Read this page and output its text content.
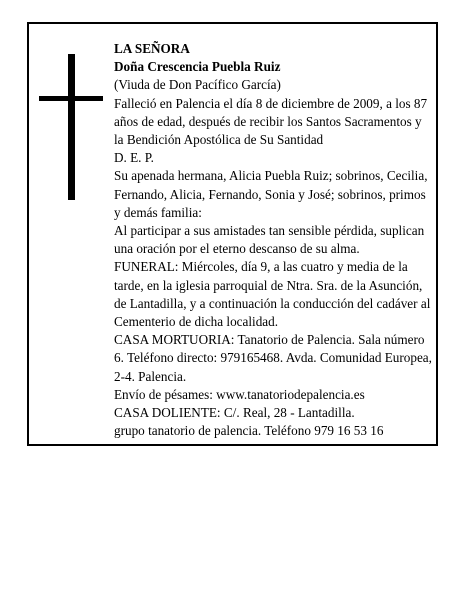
LA SEÑORA

Doña Crescencia Puebla Ruiz

(Viuda de Don Pacífico García)

Falleció en Palencia el día 8 de diciembre de 2009, a los 87 años de edad, después de recibir los Santos Sacramentos y la Bendición Apostólica de Su Santidad

D. E. P.

Su apenada hermana, Alicia Puebla Ruiz; sobrinos, Cecilia, Fernando, Alicia, Fernando, Sonia y José; sobrinos, primos y demás familia:

Al participar a sus amistades tan sensible pérdida, suplican una oración por el eterno descanso de su alma.

FUNERAL: Miércoles, día 9, a las cuatro y media de la tarde, en la iglesia parroquial de Ntra. Sra. de la Asunción, de Lantadilla, y a continuación la conducción del cadáver al Cementerio de dicha localidad.

CASA MORTUORIA: Tanatorio de Palencia. Sala número 6. Teléfono directo: 979165468. Avda. Comunidad Europea, 2-4. Palencia.

Envío de pésames: www.tanatoriodepalencia.es

CASA DOLIENTE: C/. Real, 28 - Lantadilla.

grupo tanatorio de palencia. Teléfono 979 16 53 16
